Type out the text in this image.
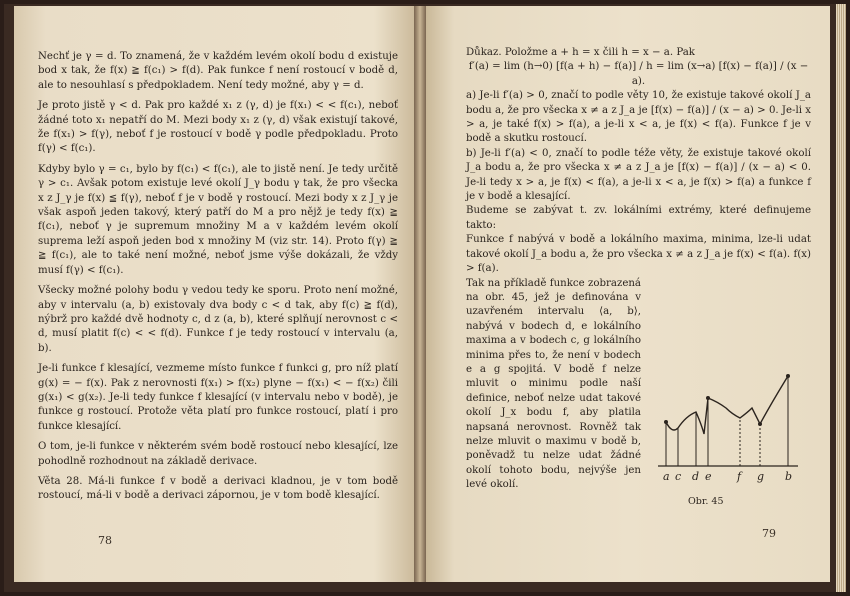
Nechť je γ = d. To znamená, že v každém levém okolí bodu d existuje bod x tak, že f(x) ≧ f(c₁) > f(d). Pak funkce f není rostoucí v bodě d, ale to nesouhlasí s předpokladem. Není tedy možné, aby γ = d.

Je proto jistě γ < d. Pak pro každé x₁ z (γ, d) je f(x₁) < < f(c₁), neboť žádné toto x₁ nepatří do M. Mezi body x₁ z (γ, d) však existují takové, že f(x₁) > f(γ), neboť f je rostoucí v bodě γ podle předpokladu. Proto f(γ) < f(c₁).

Kdyby bylo γ = c₁, bylo by f(c₁) < f(c₁), ale to jistě není. Je tedy určitě γ > c₁. Avšak potom existuje levé okolí J_γ bodu γ tak, že pro všecka x z J_γ je f(x) ≦ f(γ), neboť f je v bodě γ rostoucí. Mezi body x z J_γ je však aspoň jeden takový, který patří do M a pro nějž je tedy f(x) ≧ f(c₁), neboť γ je supremum množiny M a v každém levém okolí suprema leží aspoň jeden bod x množiny M (viz str. 14). Proto f(γ) ≧ ≧ f(c₁), ale to také není možné, neboť jsme výše dokázali, že vždy musí f(γ) < f(c₁).

Všecky možné polohy bodu γ vedou tedy ke sporu. Proto není možné, aby v intervalu (a, b) existovaly dva body c < d tak, aby f(c) ≧ f(d), nýbrž pro každé dvě hodnoty c, d z (a, b), které splňují nerovnost c < d, musí platit f(c) < < f(d). Funkce f je tedy rostoucí v intervalu (a, b).

Je-li funkce f klesající, vezmeme místo funkce f funkci g, pro níž platí g(x) = − f(x). Pak z nerovnosti f(x₁) > f(x₂) plyne − f(x₁) < − f(x₂) čili g(x₁) < g(x₂). Je-li tedy funkce f klesající (v intervalu nebo v bodě), je funkce g rostoucí. Protože věta platí pro funkce rostoucí, platí i pro funkce klesající.

O tom, je-li funkce v některém svém bodě rostoucí nebo klesající, lze pohodlně rozhodnout na základě derivace.

Věta 28. Má-li funkce f v bodě a derivaci kladnou, je v tom bodě rostoucí, má-li v bodě a derivaci zápornou, je v tom bodě klesající.

78

Důkaz. Položme a + h = x čili h = x − a. Pak

f′(a) = lim (h→0) [f(a + h) − f(a)] / h = lim (x→a) [f(x) − f(a)] / (x − a).

a) Je-li f′(a) > 0, značí to podle věty 10, že existuje takové okolí J_a bodu a, že pro všecka x ≠ a z J_a je [f(x) − f(a)] / (x − a) > 0. Je-li x > a, je také f(x) > f(a), a je-li x < a, je f(x) < f(a). Funkce f je v bodě a skutku rostoucí.

b) Je-li f′(a) < 0, značí to podle téže věty, že existuje takové okolí J_a bodu a, že pro všecka x ≠ a z J_a je [f(x) − f(a)] / (x − a) < 0. Je-li tedy x > a, je f(x) < f(a), a je-li x < a, je f(x) > f(a) a funkce f je v bodě a klesající.

Budeme se zabývat t. zv. lokálními extrémy, které definujeme takto:

Funkce f nabývá v bodě a lokálního maxima, minima, lze-li udat takové okolí J_a bodu a, že pro všecka x ≠ a z J_a je f(x) < f(a). f(x) > f(a).

Tak na příkladě funkce zobrazená na obr. 45, jež je definována v uzavřeném intervalu ⟨a, b⟩, nabývá v bodech d, e lokálního maxima a v bodech c, g lokálního minima přes to, že není v bodech e a g spojitá. V bodě f nelze mluvit o minimu podle naší definice, neboť nelze udat takové okolí J_x bodu f, aby platila napsaná nerovnost. Rovněž tak nelze mluvit o maximu v bodě b, poněvadž tu nelze udat žádné okolí tohoto bodu, nejvýše jen levé okolí.

a c d e f g b
Obr. 45
79
